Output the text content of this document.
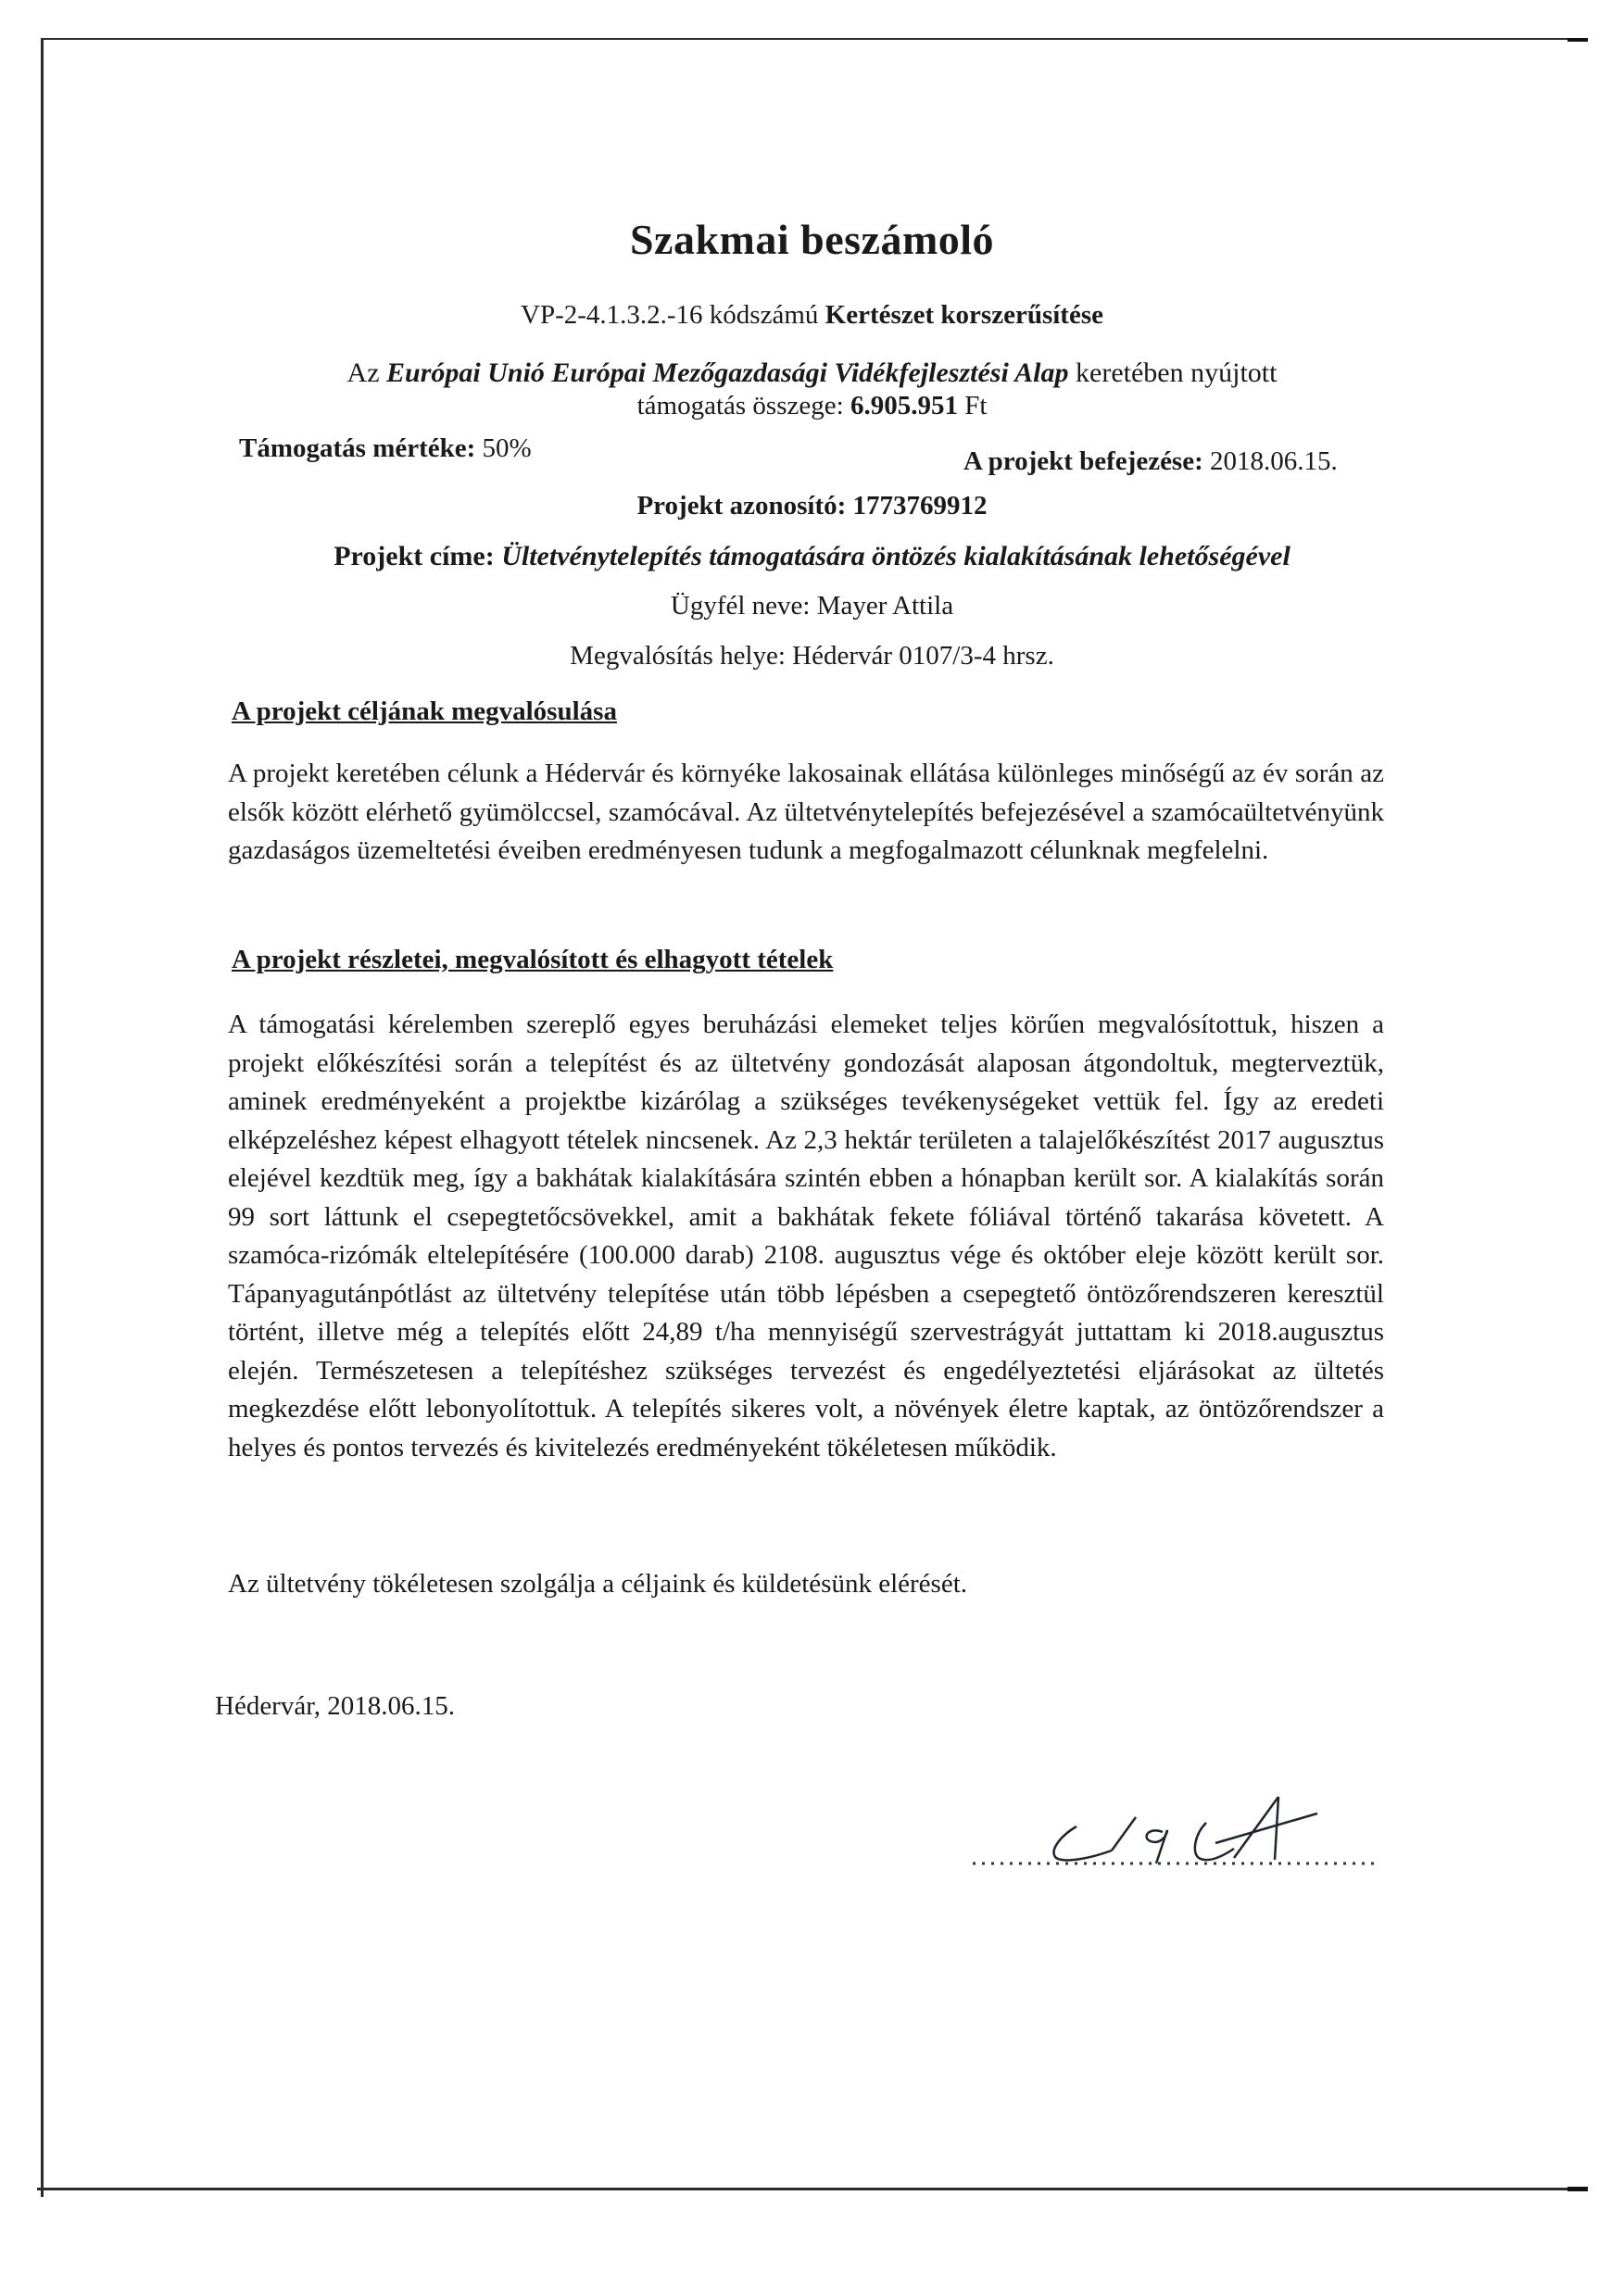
Szakmai beszámoló
VP-2-4.1.3.2.-16 kódszámú Kertészet korszerűsítése
Az Európai Unió Európai Mezőgazdasági Vidékfejlesztési Alap keretében nyújtott
támogatás összege: 6.905.951 Ft
Támogatás mértéke: 50%	A projekt befejezése: 2018.06.15.
Projekt azonosító: 1773769912
Projekt címe: Ültetvénytelepítés támogatására öntözés kialakításának lehetőségével
Ügyfél neve: Mayer Attila
Megvalósítás helye: Hédervár 0107/3-4 hrsz.
A projekt céljának megvalósulása
A projekt keretében célunk a Hédervár és környéke lakosainak ellátása különleges minőségű az év során az elsők között elérhető gyümölccsel, szamócával. Az ültetvénytelepítés befejezésével a szamócaültetvényünk gazdaságos üzemeltetési éveiben eredményesen tudunk a megfogalmazott célunknak megfelelni.
A projekt részletei, megvalósított és elhagyott tételek
A támogatási kérelemben szereplő egyes beruházási elemeket teljes körűen megvalósítottuk, hiszen a projekt előkészítési során a telepítést és az ültetvény gondozását alaposan átgondoltuk, megterveztük, aminek eredményeként a projektbe kizárólag a szükséges tevékenységeket vettük fel. Így az eredeti elképzeléshez képest elhagyott tételek nincsenek. Az 2,3 hektár területen a talajelőkészítést 2017 augusztus elejével kezdtük meg, így a bakhátak kialakítására szintén ebben a hónapban került sor. A kialakítás során 99 sort láttunk el csepegtetőcsövekkel, amit a bakhátak fekete fóliával történő takarása követett. A szamóca-rizómák eltelepítésére (100.000 darab) 2108. augusztus vége és október eleje között került sor. Tápanyagutánpótlást az ültetvény telepítése után több lépésben a csepegtető öntözőrendszeren keresztül történt, illetve még a telepítés előtt 24,89 t/ha mennyiségű szervestrágyát juttattam ki 2018.augusztus elején. Természetesen a telepítéshez szükséges tervezést és engedélyeztetési eljárásokat az ültetés megkezdése előtt lebonyolítottuk. A telepítés sikeres volt, a növények életre kaptak, az öntözőrendszer a helyes és pontos tervezés és kivitelezés eredményeként tökéletesen működik.
Az ültetvény tökéletesen szolgálja a céljaink és küldetésünk elérését.
Hédervár, 2018.06.15.
